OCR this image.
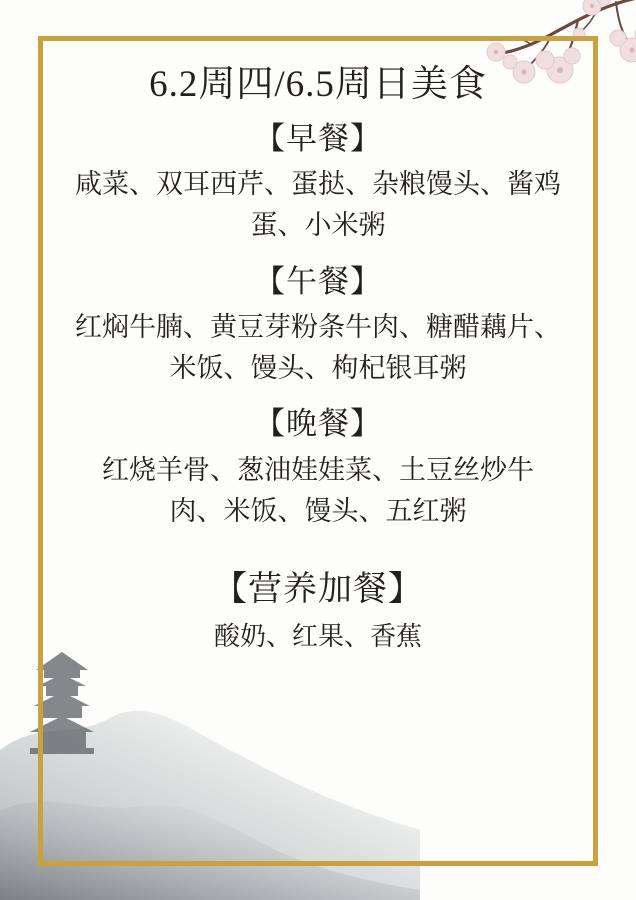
6.2周四/6.5周日美食
【早餐】
咸菜、双耳西芹、蛋挞、杂粮馒头、酱鸡蛋、小米粥
【午餐】
红焖牛腩、黄豆芽粉条牛肉、糖醋藕片、米饭、馒头、枸杞银耳粥
【晚餐】
红烧羊骨、葱油娃娃菜、土豆丝炒牛肉、米饭、馒头、五红粥
【营养加餐】
酸奶、红果、香蕉
